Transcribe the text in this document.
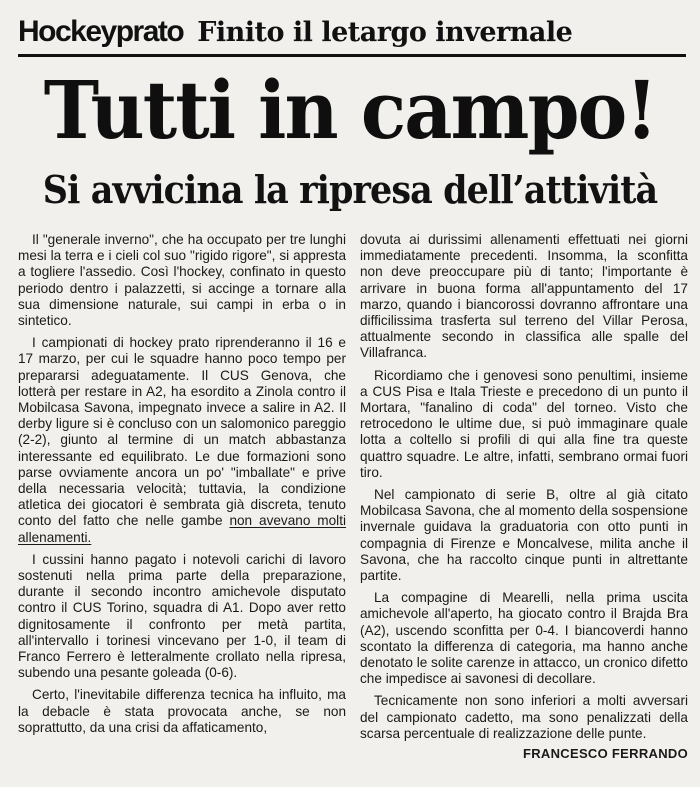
Hockeyprato Finito il letargo invernale
Tutti in campo!
Si avvicina la ripresa dell’attività

Il "generale inverno", che ha occupato per tre lunghi mesi la terra e i cieli col suo "rigido rigore", si appresta a togliere l'assedio. Così l'hockey, confinato in questo periodo dentro i palazzetti, si accinge a tornare alla sua dimensione naturale, sui campi in erba o in sintetico.

I campionati di hockey prato riprenderanno il 16 e 17 marzo, per cui le squadre hanno poco tempo per prepararsi adeguatamente. Il CUS Genova, che lotterà per restare in A2, ha esordito a Zinola contro il Mobilcasa Savona, impegnato invece a salire in A2. Il derby ligure si è concluso con un salomonico pareggio (2-2), giunto al termine di un match abbastanza interessante ed equilibrato. Le due formazioni sono parse ovviamente ancora un po' "imballate" e prive della necessaria velocità; tuttavia, la condizione atletica dei giocatori è sembrata già discreta, tenuto conto del fatto che nelle gambe non avevano molti allenamenti.

I cussini hanno pagato i notevoli carichi di lavoro sostenuti nella prima parte della preparazione, durante il secondo incontro amichevole disputato contro il CUS Torino, squadra di A1. Dopo aver retto dignitosamente il confronto per metà partita, all'intervallo i torinesi vincevano per 1-0, il team di Franco Ferrero è letteralmente crollato nella ripresa, subendo una pesante goleada (0-6).

Certo, l'inevitabile differenza tecnica ha influito, ma la debacle è stata provocata anche, se non soprattutto, da una crisi da affaticamento,

dovuta ai durissimi allenamenti effettuati nei giorni immediatamente precedenti. Insomma, la sconfitta non deve preoccupare più di tanto; l'importante è arrivare in buona forma all'appuntamento del 17 marzo, quando i biancorossi dovranno affrontare una difficilissima trasferta sul terreno del Villar Perosa, attualmente secondo in classifica alle spalle del Villafranca.

Ricordiamo che i genovesi sono penultimi, insieme a CUS Pisa e Itala Trieste e precedono di un punto il Mortara, "fanalino di coda" del torneo. Visto che retrocedono le ultime due, si può immaginare quale lotta a coltello si profili di qui alla fine tra queste quattro squadre. Le altre, infatti, sembrano ormai fuori tiro.

Nel campionato di serie B, oltre al già citato Mobilcasa Savona, che al momento della sospensione invernale guidava la graduatoria con otto punti in compagnia di Firenze e Moncalvese, milita anche il Savona, che ha raccolto cinque punti in altrettante partite.

La compagine di Mearelli, nella prima uscita amichevole all'aperto, ha giocato contro il Brajda Bra (A2), uscendo sconfitta per 0-4. I biancoverdi hanno scontato la differenza di categoria, ma hanno anche denotato le solite carenze in attacco, un cronico difetto che impedisce ai savonesi di decollare.

Tecnicamente non sono inferiori a molti avversari del campionato cadetto, ma sono penalizzati della scarsa percentuale di realizzazione delle punte.

FRANCESCO FERRANDO
